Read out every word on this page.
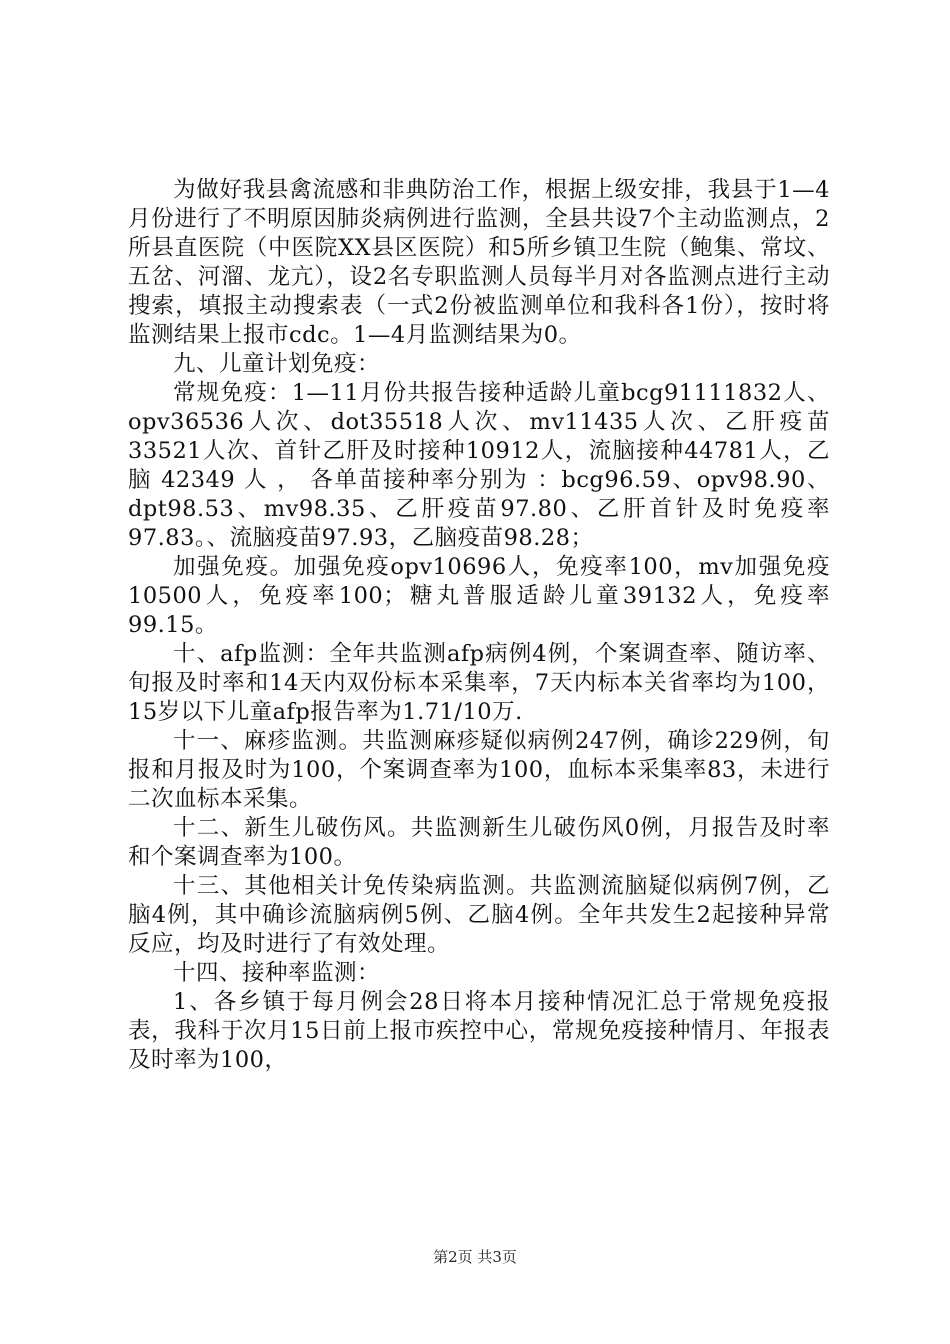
为做好我县禽流感和非典防治工作，根据上级安排，我县于1—4月份进行了不明原因肺炎病例进行监测，全县共设7个主动监测点，2所县直医院（中医院XX县区医院）和5所乡镇卫生院（鲍集、常坟、五岔、河溜、龙亢），设2名专职监测人员每半月对各监测点进行主动搜索，填报主动搜索表（一式2份被监测单位和我科各1份），按时将监测结果上报市cdc。1—4月监测结果为0。

九、儿童计划免疫：

常规免疫：1—11月份共报告接种适龄儿童bcg91111832人、opv36536人次、dot35518人次、mv11435人次、乙肝疫苗33521人次、首针乙肝及时接种10912人，流脑接种44781人，乙脑 42349 人 ， 各单苗接种率分别为 ：bcg96.59、opv98.90、dpt98.53、mv98.35、乙肝疫苗97.80、乙肝首针及时免疫率97.83。、流脑疫苗97.93，乙脑疫苗98.28；

加强免疫。加强免疫opv10696人，免疫率100，mv加强免疫10500人，免疫率100；糖丸普服适龄儿童39132人，免疫率99.15。

十、afp监测：全年共监测afp病例4例，个案调查率、随访率、旬报及时率和14天内双份标本采集率，7天内标本关省率均为100，15岁以下儿童afp报告率为1.71/10万.

十一、麻疹监测。共监测麻疹疑似病例247例，确诊229例，旬报和月报及时为100，个案调查率为100，血标本采集率83，未进行二次血标本采集。

十二、新生儿破伤风。共监测新生儿破伤风0例，月报告及时率和个案调查率为100。

十三、其他相关计免传染病监测。共监测流脑疑似病例7例，乙脑4例，其中确诊流脑病例5例、乙脑4例。全年共发生2起接种异常反应，均及时进行了有效处理。

十四、接种率监测：

1、各乡镇于每月例会28日将本月接种情况汇总于常规免疫报表，我科于次月15日前上报市疾控中心，常规免疫接种情月、年报表及时率为100，

第2页 共3页
